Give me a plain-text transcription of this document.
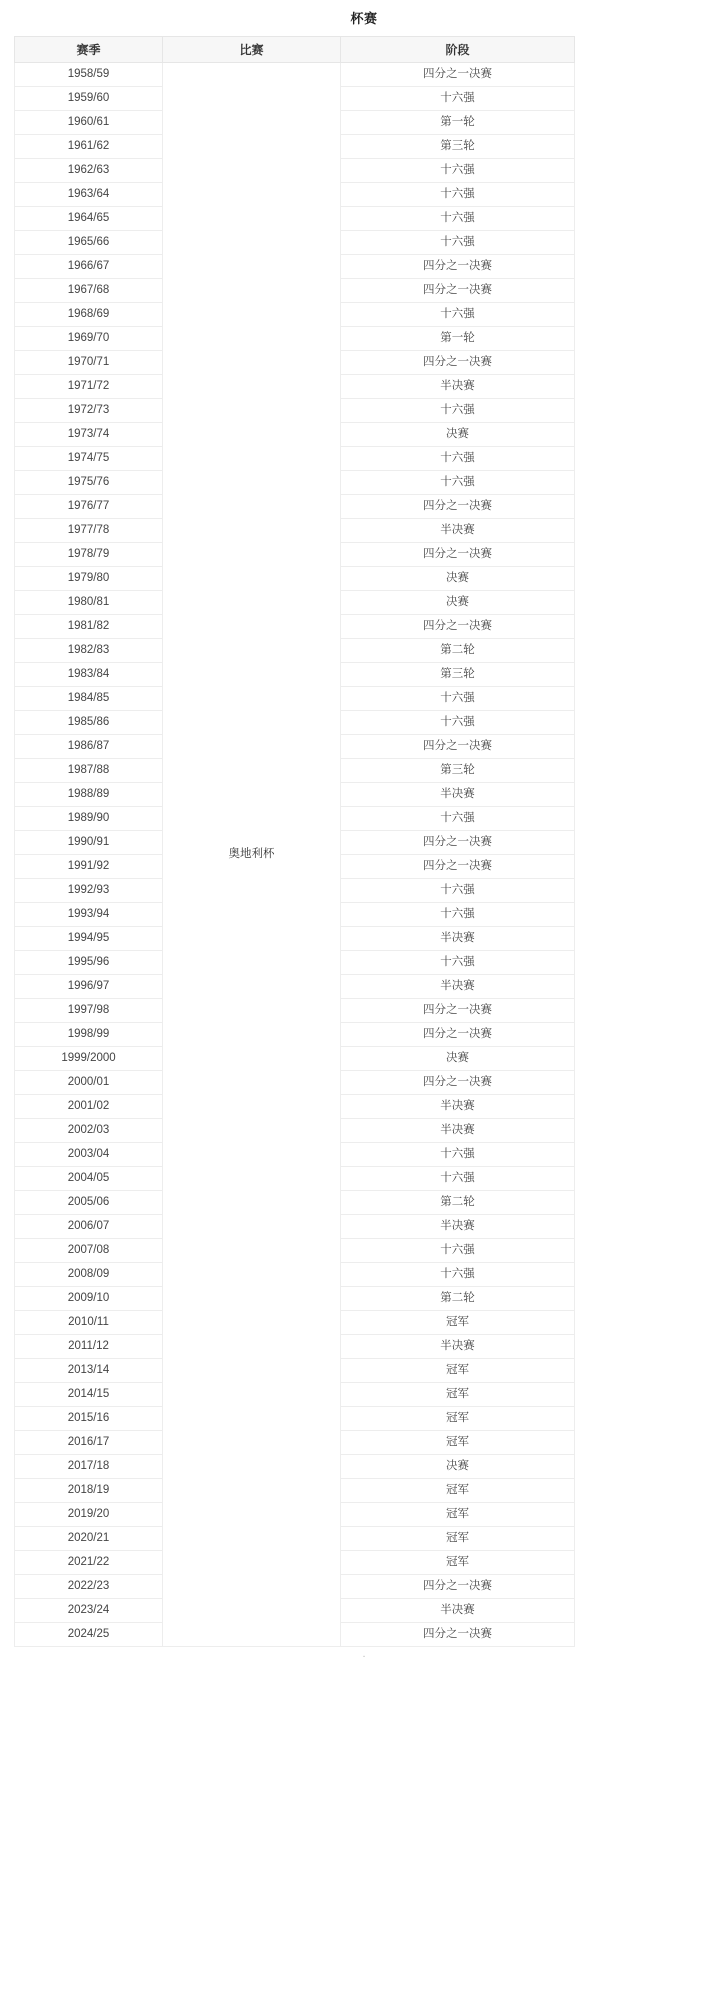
杯赛
赛季	比赛	阶段
1958/59	奥地利杯	四分之一决赛
1959/60		十六强
1960/61		第一轮
1961/62		第三轮
1962/63		十六强
1963/64		十六强
1964/65		十六强
1965/66		十六强
1966/67		四分之一决赛
1967/68		四分之一决赛
1968/69		十六强
1969/70		第一轮
1970/71		四分之一决赛
1971/72		半决赛
1972/73		十六强
1973/74		决赛
1974/75		十六强
1975/76		十六强
1976/77		四分之一决赛
1977/78		半决赛
1978/79		四分之一决赛
1979/80		决赛
1980/81		决赛
1981/82		四分之一决赛
1982/83		第二轮
1983/84		第三轮
1984/85		十六强
1985/86		十六强
1986/87		四分之一决赛
1987/88		第三轮
1988/89		半决赛
1989/90		十六强
1990/91		四分之一决赛
1991/92		四分之一决赛
1992/93		十六强
1993/94		十六强
1994/95		半决赛
1995/96		十六强
1996/97		半决赛
1997/98		四分之一决赛
1998/99		四分之一决赛
1999/2000		决赛
2000/01		四分之一决赛
2001/02		半决赛
2002/03		半决赛
2003/04		十六强
2004/05		十六强
2005/06		第二轮
2006/07		半决赛
2007/08		十六强
2008/09		十六强
2009/10		第二轮
2010/11		冠军
2011/12		半决赛
2013/14		冠军
2014/15		冠军
2015/16		冠军
2016/17		冠军
2017/18		决赛
2018/19		冠军
2019/20		冠军
2020/21		冠军
2021/22		冠军
2022/23		四分之一决赛
2023/24		半决赛
2024/25		四分之一决赛
.
